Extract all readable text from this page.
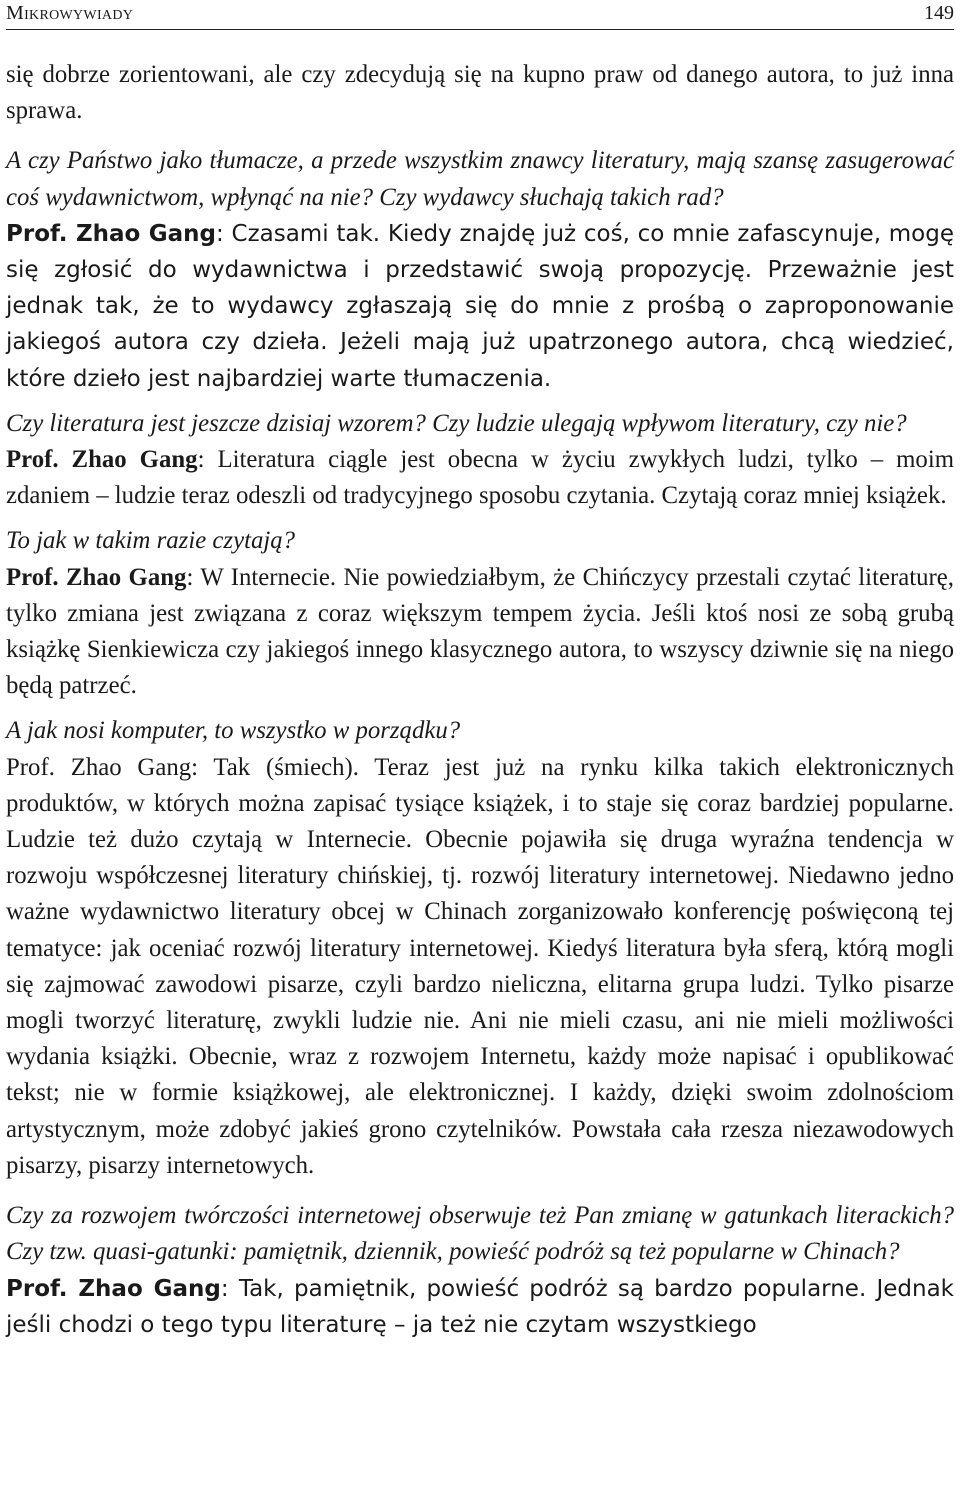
Mikrowywiady	149

się dobrze zorientowani, ale czy zdecydują się na kupno praw od danego autora, to już inna sprawa.

A czy Państwo jako tłumacze, a przede wszystkim znawcy literatury, mają szansę zasugerować coś wydawnictwom, wpłynąć na nie? Czy wydawcy słuchają takich rad?

Prof. Zhao Gang: Czasami tak. Kiedy znajdę już coś, co mnie zafascynuje, mogę się zgłosić do wydawnictwa i przedstawić swoją propozycję. Przeważnie jest jednak tak, że to wydawcy zgłaszają się do mnie z prośbą o zaproponowanie jakiegoś autora czy dzieła. Jeżeli mają już upatrzonego autora, chcą wiedzieć, które dzieło jest najbardziej warte tłumaczenia.

Czy literatura jest jeszcze dzisiaj wzorem? Czy ludzie ulegają wpływom literatury, czy nie?

Prof. Zhao Gang: Literatura ciągle jest obecna w życiu zwykłych ludzi, tylko – moim zdaniem – ludzie teraz odeszli od tradycyjnego sposobu czytania. Czytają coraz mniej książek.

To jak w takim razie czytają?

Prof. Zhao Gang: W Internecie. Nie powiedziałbym, że Chińczycy przestali czytać literaturę, tylko zmiana jest związana z coraz większym tempem życia. Jeśli ktoś nosi ze sobą grubą książkę Sienkiewicza czy jakiegoś innego klasycznego autora, to wszyscy dziwnie się na niego będą patrzeć.

A jak nosi komputer, to wszystko w porządku?

Prof. Zhao Gang: Tak (śmiech). Teraz jest już na rynku kilka takich elektronicznych produktów, w których można zapisać tysiące książek, i to staje się coraz bardziej popularne. Ludzie też dużo czytają w Internecie. Obecnie pojawiła się druga wyraźna tendencja w rozwoju współczesnej literatury chińskiej, tj. rozwój literatury internetowej. Niedawno jedno ważne wydawnictwo literatury obcej w Chinach zorganizowało konferencję poświęconą tej tematyce: jak oceniać rozwój literatury internetowej. Kiedyś literatura była sferą, którą mogli się zajmować zawodowi pisarze, czyli bardzo nieliczna, elitarna grupa ludzi. Tylko pisarze mogli tworzyć literaturę, zwykli ludzie nie. Ani nie mieli czasu, ani nie mieli możliwości wydania książki. Obecnie, wraz z rozwojem Internetu, każdy może napisać i opublikować tekst; nie w formie książkowej, ale elektronicznej. I każdy, dzięki swoim zdolnościom artystycznym, może zdobyć jakieś grono czytelników. Powstała cała rzesza niezawodowych pisarzy, pisarzy internetowych.

Czy za rozwojem twórczości internetowej obserwuje też Pan zmianę w gatunkach literackich? Czy tzw. quasi-gatunki: pamiętnik, dziennik, powieść podróż są też popularne w Chinach?

Prof. Zhao Gang: Tak, pamiętnik, powieść podróż są bardzo popularne. Jednak jeśli chodzi o tego typu literaturę – ja też nie czytam wszystkiego
